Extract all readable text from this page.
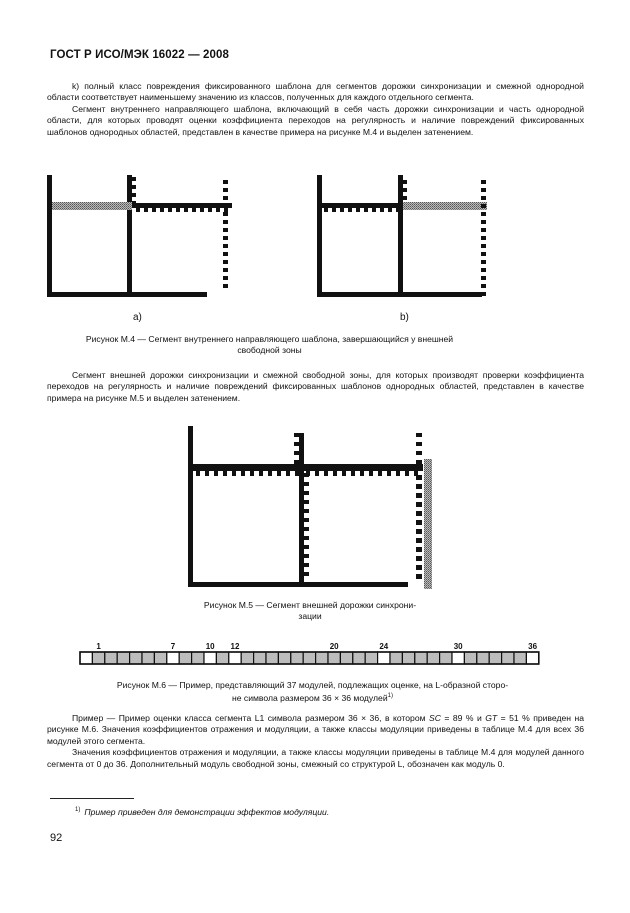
ГОСТ Р ИСО/МЭК 16022 — 2008

k) полный класс повреждения фиксированного шаблона для сегментов дорожки синхронизации и смежной однородной области соответствует наименьшему значению из классов, полученных для каждого отдельного сегмента.

Сегмент внутреннего направляющего шаблона, включающий в себя часть дорожки синхронизации и часть однородной области, для которых проводят оценки коэффициента переходов на регулярность и наличие повреждений фиксированных шаблонов однородных областей, представлен в качестве примера на рисунке М.4 и выделен затенением.

а)	b)
Рисунок М.4 — Сегмент внутреннего направляющего шаблона, завершающийся у внешней
свободной зоны

Сегмент внешней дорожки синхронизации и смежной свободной зоны, для которых производят проверки коэффициента переходов на регулярность и наличие повреждений фиксированных шаблонов однородных областей, представлен в качестве примера на рисунке М.5 и выделен затенением.

Рисунок М.5 — Сегмент внешней дорожки синхрони-
зации
1	7	10 12	20	24	30	36
Рисунок М.6 — Пример, представляющий 37 модулей, подлежащих оценке, на L-образной сторо-
не символа размером 36 × 36 модулей$^{1)}$

Пример — Пример оценки класса сегмента L1 символа размером 36 × 36, в котором SC = 89 % и GT = 51 % приведен на рисунке М.6. Значения коэффициентов отражения и модуляции, а также классы модуляции приведены в таблице М.4 для всех 36 модулей этого сегмента.

Значения коэффициентов отражения и модуляции, а также классы модуляции приведены в таблице М.4 для модулей данного сегмента от 0 до 36. Дополнительный модуль свободной зоны, смежный со структурой L, обозначен как модуль 0.

$^{1)}$ Пример приведен для демонстрации эффектов модуляции.
92
